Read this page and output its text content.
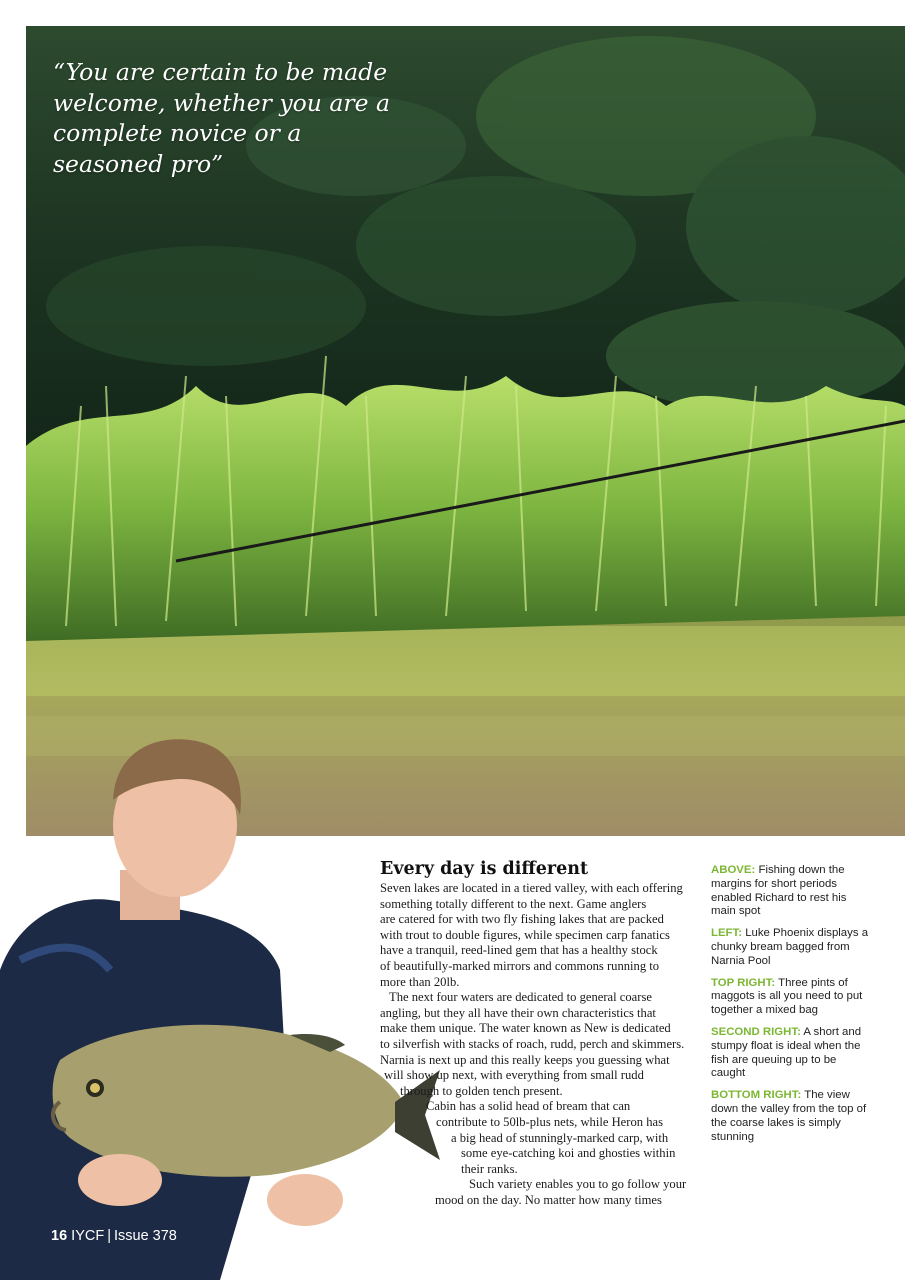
“You are certain to be made welcome, whether you are a complete novice or a seasoned pro”
Every day is different

Seven lakes are located in a tiered valley, with each offering
something totally different to the next. Game anglers
are catered for with two fly fishing lakes that are packed
with trout to double figures, while specimen carp fanatics
have a tranquil, reed-lined gem that has a healthy stock
of beautifully-marked mirrors and commons running to
more than 20lb.

The next four waters are dedicated to general coarse
angling, but they all have their own characteristics that
make them unique. The water known as New is dedicated
to silverfish with stacks of roach, rudd, perch and skimmers.
Narnia is next up and this really keeps you guessing what
will show up next, with everything from small rudd
through to golden tench present.

Cabin has a solid head of bream that can
contribute to 50lb-plus nets, while Heron has
a big head of stunningly-marked carp, with
some eye-catching koi and ghosties within
their ranks.

Such variety enables you to go follow your
mood on the day. No matter how many times

ABOVE: Fishing down the margins for short periods enabled Richard to rest his main spot
LEFT: Luke Phoenix displays a chunky bream bagged from Narnia Pool
TOP RIGHT: Three pints of maggots is all you need to put together a mixed bag
SECOND RIGHT: A short and stumpy float is ideal when the fish are queuing up to be caught
BOTTOM RIGHT: The view down the valley from the top of the coarse lakes is simply stunning
16 IYCF | Issue 378
